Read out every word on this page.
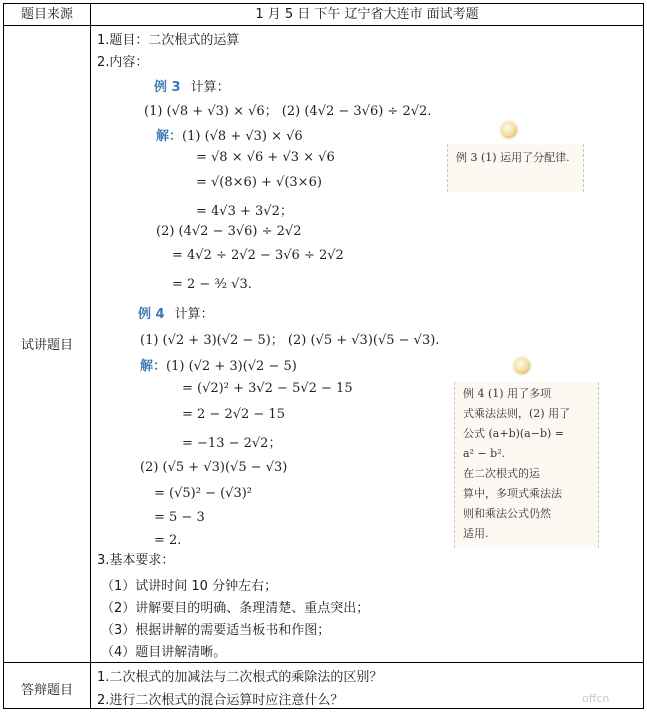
题目来源	1 月 5 日 下午 辽宁省大连市 面试考题
试讲题目
1.题目：二次根式的运算
2.内容：
例 3 计算：
(1) (√8 + √3) × √6； (2) (4√2 − 3√6) ÷ 2√2.
解：(1) (√8 + √3) × √6
= √8 × √6 + √3 × √6
= √(8×6) + √(3×6)
= 4√3 + 3√2；
(2) (4√2 − 3√6) ÷ 2√2
= 4√2 ÷ 2√2 − 3√6 ÷ 2√2
= 2 − ³⁄₂ √3.
例 3 (1) 运用了分配律.
例 4 计算：
(1) (√2 + 3)(√2 − 5)； (2) (√5 + √3)(√5 − √3).
解：(1) (√2 + 3)(√2 − 5)
= (√2)² + 3√2 − 5√2 − 15
= 2 − 2√2 − 15
= −13 − 2√2；
(2) (√5 + √3)(√5 − √3)
= (√5)² − (√3)²
= 5 − 3
= 2.
例 4 (1) 用了多项
式乘法法则，(2) 用了
公式 (a+b)(a−b) =
a² − b².
在二次根式的运
算中，多项式乘法法
则和乘法公式仍然
适用.
3.基本要求：
（1）试讲时间 10 分钟左右；
（2）讲解要目的明确、条理清楚、重点突出；
（3）根据讲解的需要适当板书和作图；
（4）题目讲解清晰。
答辩题目
1.二次根式的加减法与二次根式的乘除法的区别？
2.进行二次根式的混合运算时应注意什么？	offcn
